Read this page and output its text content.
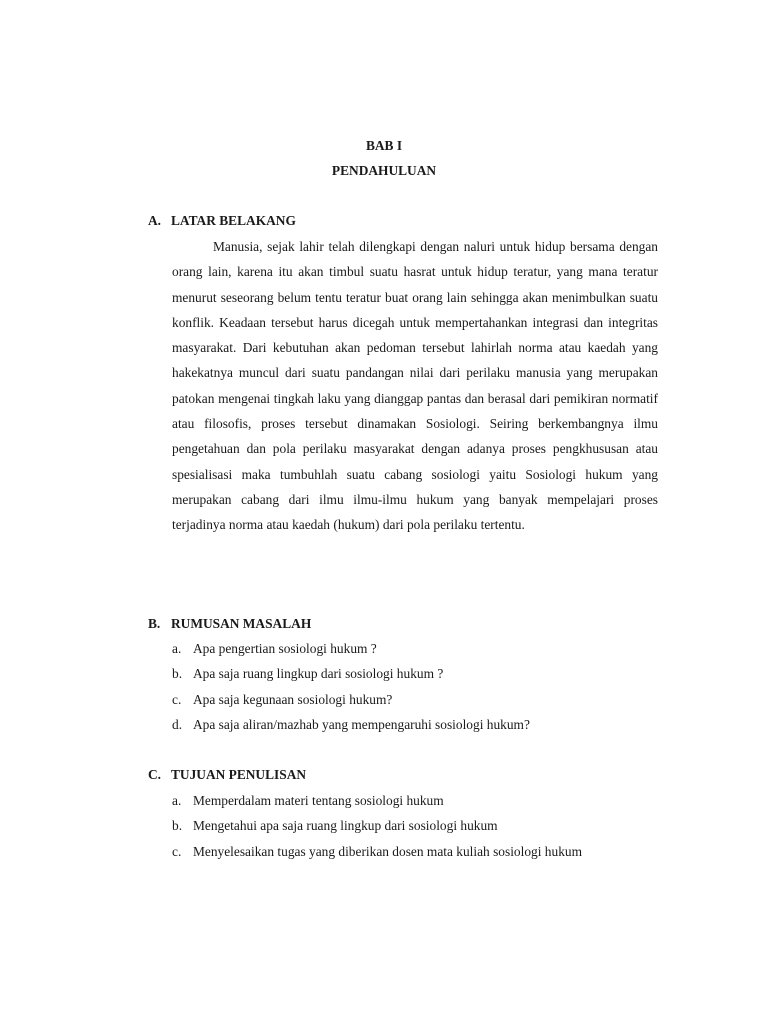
BAB I
PENDAHULUAN
A. LATAR BELAKANG

Manusia, sejak lahir telah dilengkapi dengan naluri untuk hidup bersama dengan orang lain, karena itu akan timbul suatu hasrat untuk hidup teratur, yang mana teratur menurut seseorang belum tentu teratur buat orang lain sehingga akan menimbulkan suatu konflik. Keadaan tersebut harus dicegah untuk mempertahankan integrasi dan integritas masyarakat. Dari kebutuhan akan pedoman tersebut lahirlah norma atau kaedah yang hakekatnya muncul dari suatu pandangan nilai dari perilaku manusia yang merupakan patokan mengenai tingkah laku yang dianggap pantas dan berasal dari pemikiran normatif atau filosofis, proses tersebut dinamakan Sosiologi. Seiring berkembangnya ilmu pengetahuan dan pola perilaku masyarakat dengan adanya proses pengkhususan atau spesialisasi maka tumbuhlah suatu cabang sosiologi yaitu Sosiologi hukum yang merupakan cabang dari ilmu ilmu-ilmu hukum yang banyak mempelajari proses terjadinya norma atau kaedah (hukum) dari pola perilaku tertentu.

B. RUMUSAN MASALAH
a. Apa pengertian sosiologi hukum ?
b. Apa saja ruang lingkup dari sosiologi hukum ?
c. Apa saja kegunaan sosiologi hukum?
d. Apa saja aliran/mazhab yang mempengaruhi sosiologi hukum?
C. TUJUAN PENULISAN
a. Memperdalam materi tentang sosiologi hukum
b. Mengetahui apa saja ruang lingkup dari sosiologi hukum
c. Menyelesaikan tugas yang diberikan dosen mata kuliah sosiologi hukum
